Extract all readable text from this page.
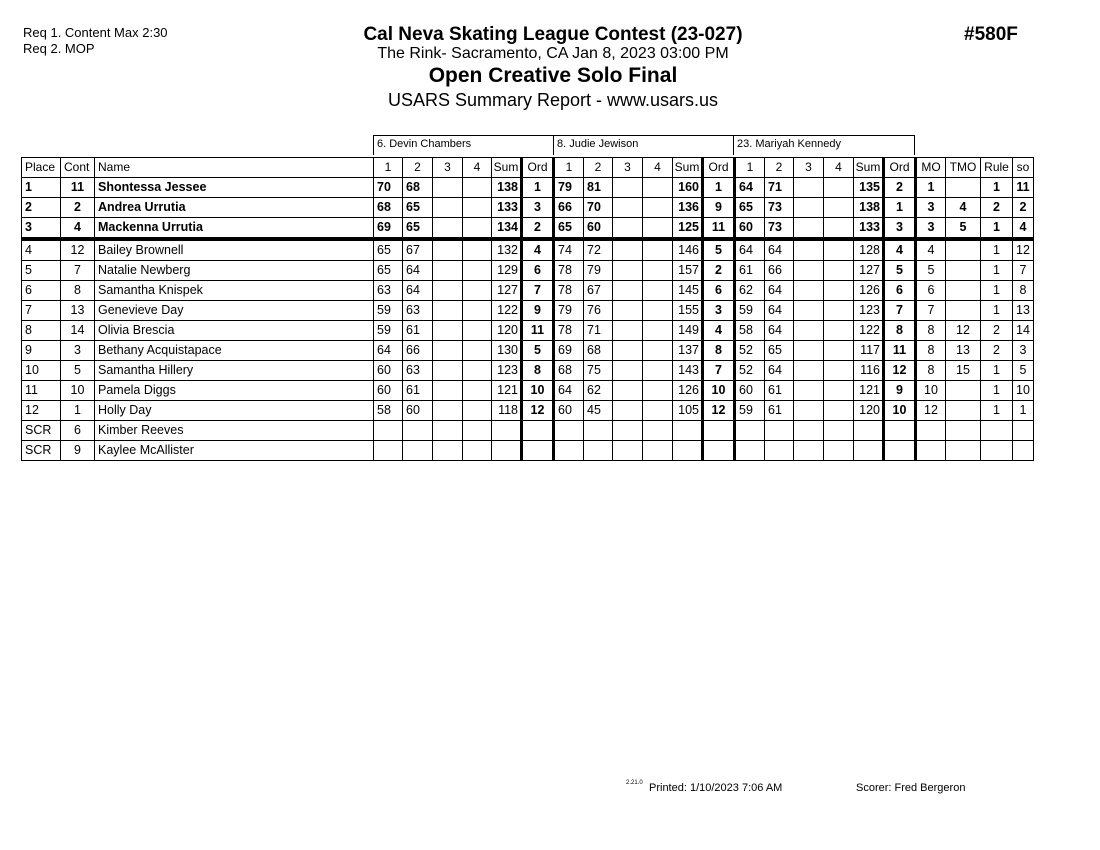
Req 1. Content Max 2:30
Req 2. MOP
Cal Neva Skating League Contest (23-027)
The Rink- Sacramento, CA Jan 8, 2023 03:00 PM
Open Creative Solo Final
USARS Summary Report - www.usars.us
#580F
6. Devin Chambers	8. Judie Jewison	23. Mariyah Kennedy
Place	Cont	Name	1	2	3	4	Sum	Ord	1	2	3	4	Sum	Ord	1	2	3	4	Sum	Ord	MO	TMO	Rule	so
1	11	Shontessa Jessee	70	68			138	1	79	81			160	1	64	71			135	2	1		1	11
2	2	Andrea Urrutia	68	65			133	3	66	70			136	9	65	73			138	1	3	4	2	2
3	4	Mackenna Urrutia	69	65			134	2	65	60			125	11	60	73			133	3	3	5	1	4
4	12	Bailey Brownell	65	67			132	4	74	72			146	5	64	64			128	4	4		1	12
5	7	Natalie Newberg	65	64			129	6	78	79			157	2	61	66			127	5	5		1	7
6	8	Samantha Knispek	63	64			127	7	78	67			145	6	62	64			126	6	6		1	8
7	13	Genevieve Day	59	63			122	9	79	76			155	3	59	64			123	7	7		1	13
8	14	Olivia Brescia	59	61			120	11	78	71			149	4	58	64			122	8	8	12	2	14
9	3	Bethany Acquistapace	64	66			130	5	69	68			137	8	52	65			117	11	8	13	2	3
10	5	Samantha Hillery	60	63			123	8	68	75			143	7	52	64			116	12	8	15	1	5
11	10	Pamela Diggs	60	61			121	10	64	62			126	10	60	61			121	9	10		1	10
12	1	Holly Day	58	60			118	12	60	45			105	12	59	61			120	10	12		1	1
SCR	6	Kimber Reeves																						
SCR	9	Kaylee McAllister																						
2.21.0 Printed: 1/10/2023 7:06 AM	Scorer: Fred Bergeron
